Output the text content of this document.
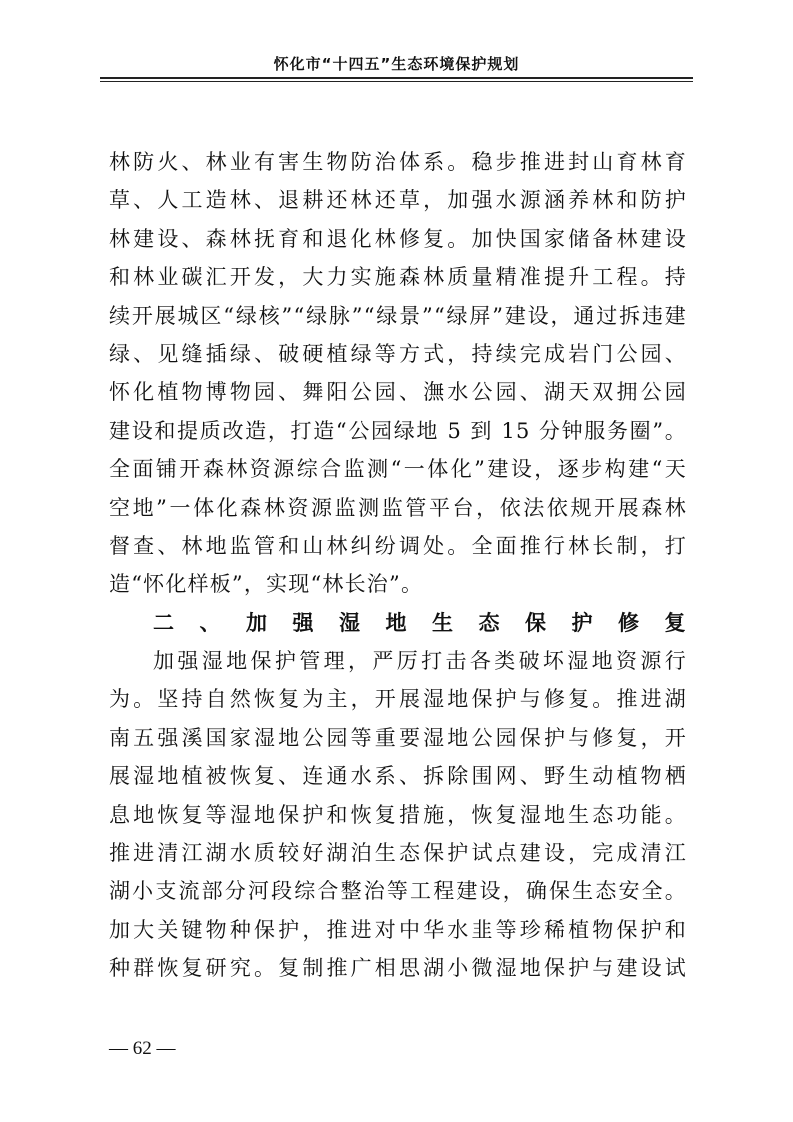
怀化市“十四五”生态环境保护规划
林防火、林业有害生物防治体系。稳步推进封山育林育
草、人工造林、退耕还林还草，加强水源涵养林和防护
林建设、森林抚育和退化林修复。加快国家储备林建设
和林业碳汇开发，大力实施森林质量精准提升工程。持
续开展城区“绿核”“绿脉”“绿景”“绿屏”建设，通过拆违建
绿、见缝插绿、破硬植绿等方式，持续完成岩门公园、
怀化植物博物园、舞阳公园、潕水公园、湖天双拥公园
建设和提质改造，打造“公园绿地 5 到 15 分钟服务圈”。
全面铺开森林资源综合监测“一体化”建设，逐步构建“天
空地”一体化森林资源监测监管平台，依法依规开展森林
督查、林地监管和山林纠纷调处。全面推行林长制，打
造“怀化样板”，实现“林长治”。
二、加强湿地生态保护修复
加强湿地保护管理，严厉打击各类破坏湿地资源行
为。坚持自然恢复为主，开展湿地保护与修复。推进湖
南五强溪国家湿地公园等重要湿地公园保护与修复，开
展湿地植被恢复、连通水系、拆除围网、野生动植物栖
息地恢复等湿地保护和恢复措施，恢复湿地生态功能。
推进清江湖水质较好湖泊生态保护试点建设，完成清江
湖小支流部分河段综合整治等工程建设，确保生态安全。
加大关键物种保护，推进对中华水韭等珍稀植物保护和
种群恢复研究。复制推广相思湖小微湿地保护与建设试
— 62 —
